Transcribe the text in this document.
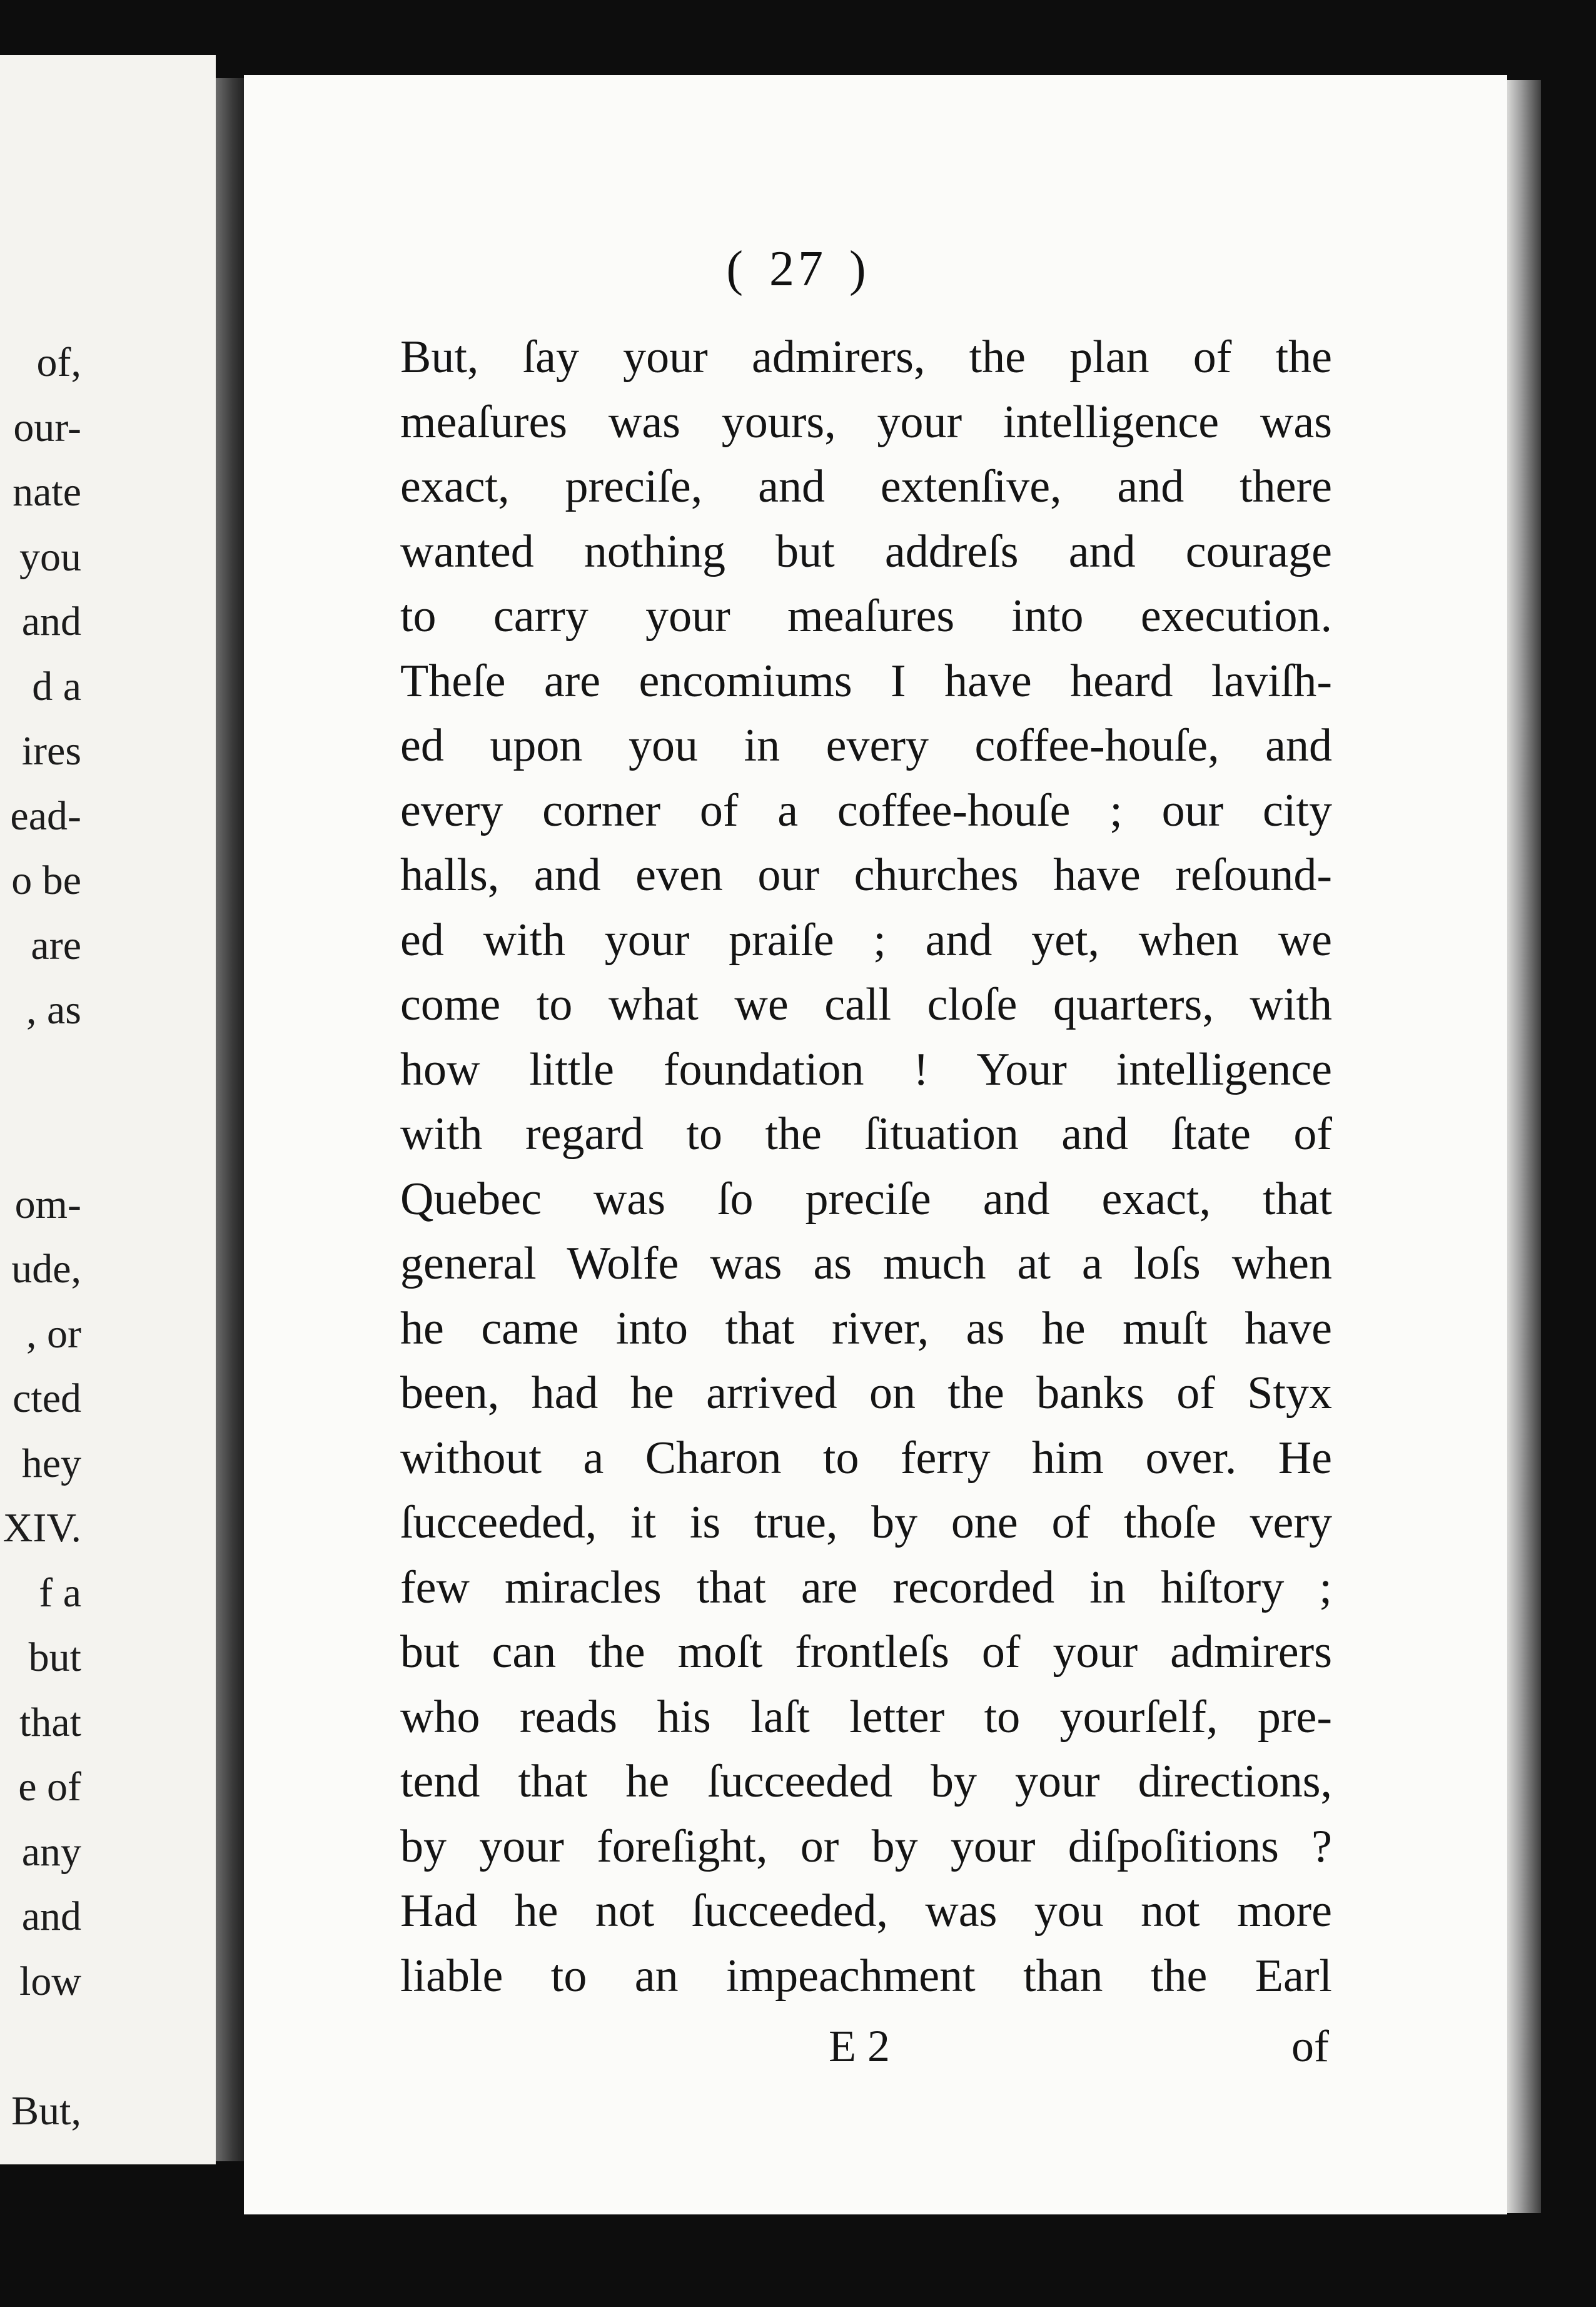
of,
our-
nate
you
and
d a
ires
ead-
o be
are
, as

om-
ude,
, or
cted
hey
XIV.
f a
but
that
e of
any
and
low

But,
( 27 )
But, ſay your admirers, the plan of the
meaſures was yours, your intelligence was
exact, preciſe, and extenſive, and there
wanted nothing but addreſs and courage
to carry your meaſures into execution.
Theſe are encomiums I have heard laviſh-
ed upon you in every coffee-houſe, and
every corner of a coffee-houſe ; our city
halls, and even our churches have reſound-
ed with your praiſe ; and yet, when we
come to what we call cloſe quarters, with
how little foundation ! Your intelligence
with regard to the ſituation and ſtate of
Quebec was ſo preciſe and exact, that
general Wolfe was as much at a loſs when
he came into that river, as he muſt have
been, had he arrived on the banks of Styx
without a Charon to ferry him over. He
ſucceeded, it is true, by one of thoſe very
few miracles that are recorded in hiſtory ;
but can the moſt frontleſs of your admirers
who reads his laſt letter to yourſelf, pre-
tend that he ſucceeded by your directions,
by your foreſight, or by your diſpoſitions ?
Had he not ſucceeded, was you not more
liable to an impeachment than the Earl
E 2	of
